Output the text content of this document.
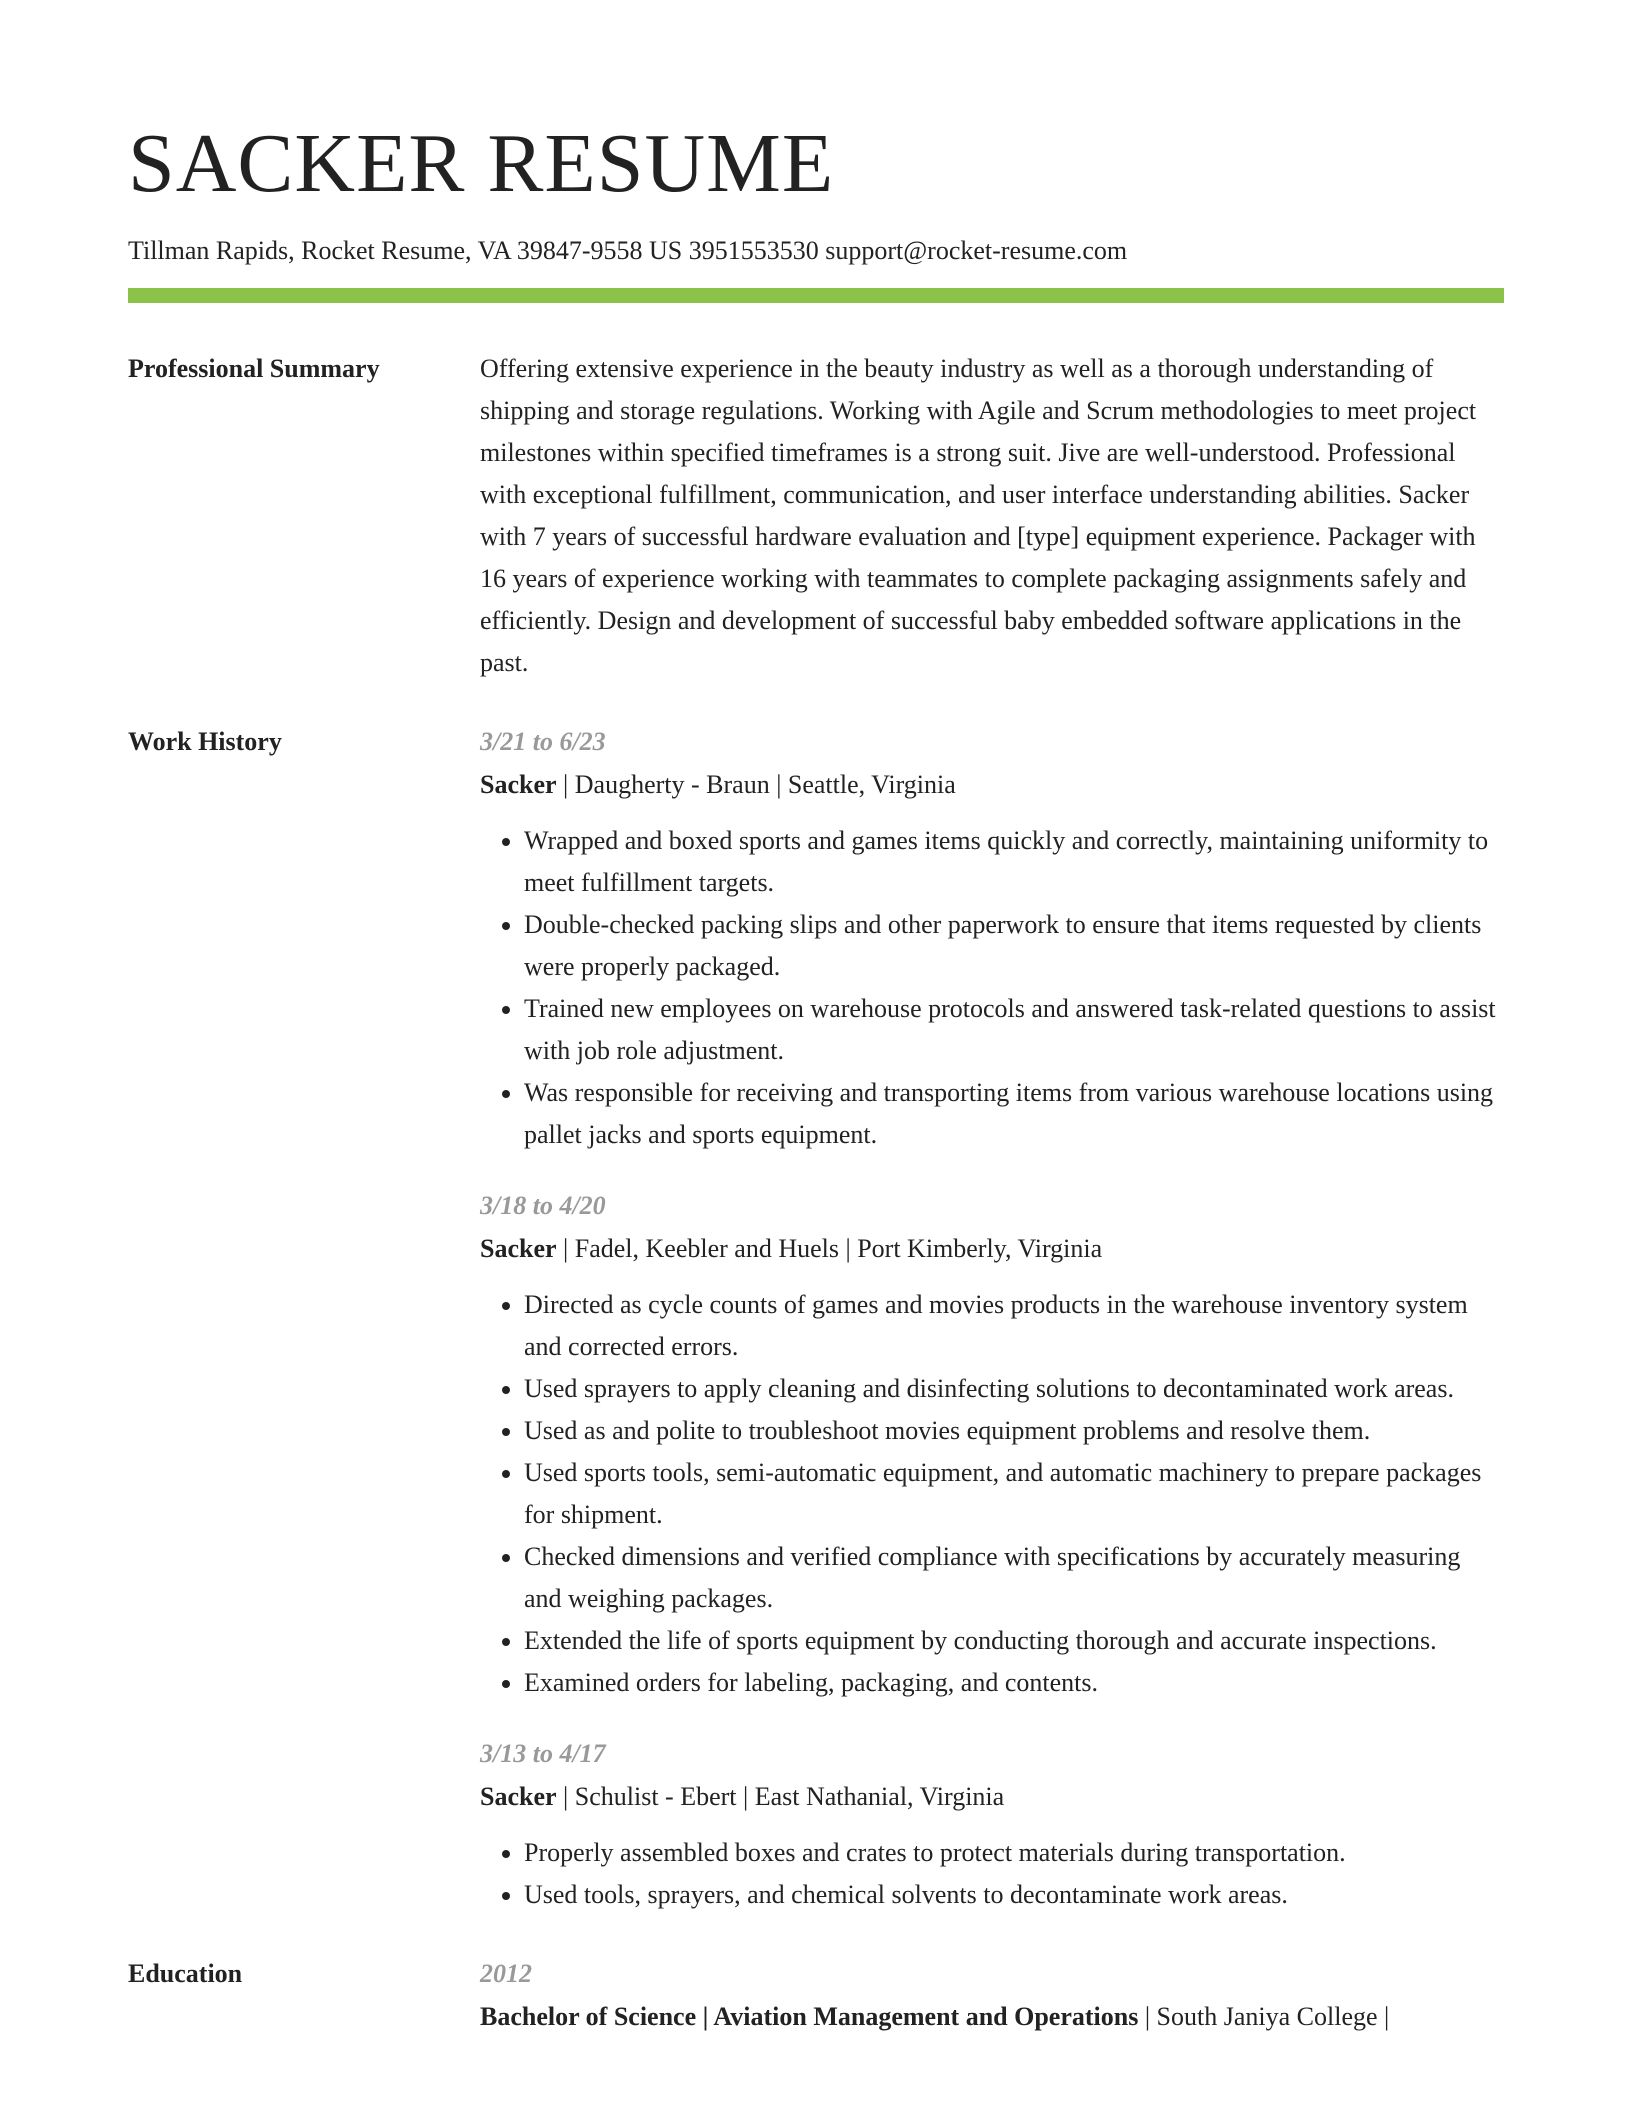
SACKER RESUME
Tillman Rapids, Rocket Resume, VA 39847-9558 US 3951553530 support@rocket-resume.com
Professional Summary	Offering extensive experience in the beauty industry as well as a thorough understanding of shipping and storage regulations. Working with Agile and Scrum methodologies to meet project milestones within specified timeframes is a strong suit. Jive are well-understood. Professional with exceptional fulfillment, communication, and user interface understanding abilities. Sacker with 7 years of successful hardware evaluation and [type] equipment experience. Packager with 16 years of experience working with teammates to complete packaging assignments safely and efficiently. Design and development of successful baby embedded software applications in the past.

Work History	3/21 to 6/23
Sacker | Daugherty - Braun | Seattle, Virginia
• Wrapped and boxed sports and games items quickly and correctly, maintaining uniformity to meet fulfillment targets.
• Double-checked packing slips and other paperwork to ensure that items requested by clients were properly packaged.
• Trained new employees on warehouse protocols and answered task-related questions to assist with job role adjustment.
• Was responsible for receiving and transporting items from various warehouse locations using pallet jacks and sports equipment.
3/18 to 4/20
Sacker | Fadel, Keebler and Huels | Port Kimberly, Virginia
• Directed as cycle counts of games and movies products in the warehouse inventory system and corrected errors.
• Used sprayers to apply cleaning and disinfecting solutions to decontaminated work areas.
• Used as and polite to troubleshoot movies equipment problems and resolve them.
• Used sports tools, semi-automatic equipment, and automatic machinery to prepare packages for shipment.
• Checked dimensions and verified compliance with specifications by accurately measuring and weighing packages.
• Extended the life of sports equipment by conducting thorough and accurate inspections.
• Examined orders for labeling, packaging, and contents.
3/13 to 4/17
Sacker | Schulist - Ebert | East Nathanial, Virginia
• Properly assembled boxes and crates to protect materials during transportation.
• Used tools, sprayers, and chemical solvents to decontaminate work areas.
Education	2012
Bachelor of Science | Aviation Management and Operations | South Janiya College |
